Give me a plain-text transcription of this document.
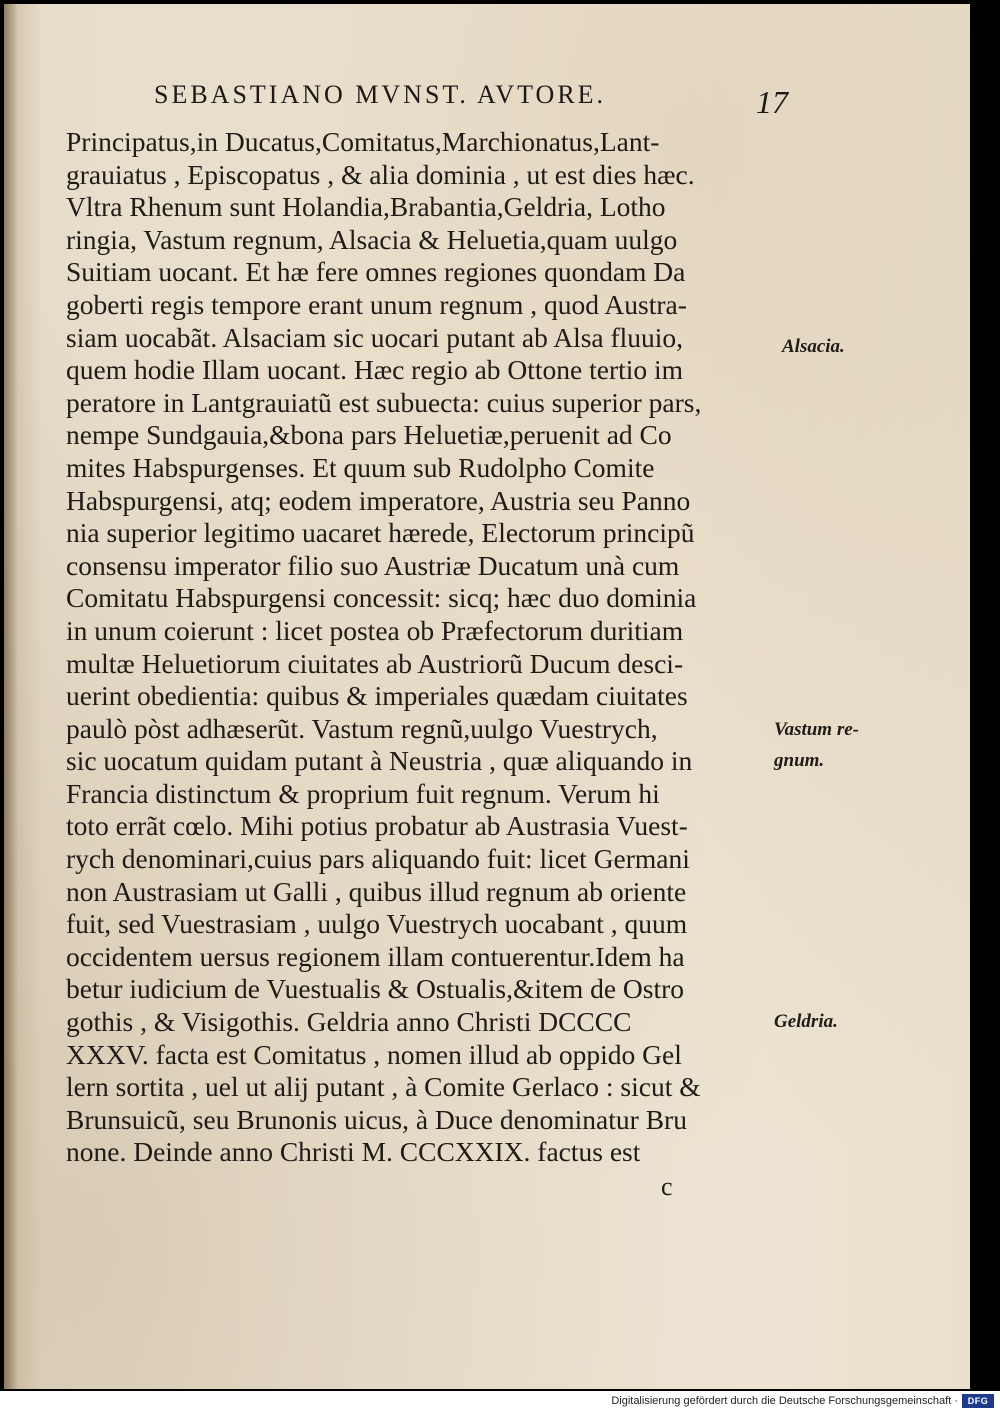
SEBASTIANO MVNST. AVTORE.	17
Principatus,in Ducatus,Comitatus,Marchionatus,Lant-
grauiatus , Episcopatus , & alia dominia , ut est dies hæc.
Vltra Rhenum sunt Holandia,Brabantia,Geldria, Lotho
ringia, Vastum regnum, Alsacia & Heluetia,quam uulgo
Suitiam uocant. Et hæ fere omnes regiones quondam Da
goberti regis tempore erant unum regnum , quod Austra-
siam uocabãt. Alsaciam sic uocari putant ab Alsa fluuio,
quem hodie Illam uocant. Hæc regio ab Ottone tertio im
peratore in Lantgrauiatũ est subuecta: cuius superior pars,
nempe Sundgauia,&bona pars Heluetiæ,peruenit ad Co
mites Habspurgenses. Et quum sub Rudolpho Comite
Habspurgensi, atq; eodem imperatore, Austria seu Panno
nia superior legitimo uacaret hærede, Electorum principũ
consensu imperator filio suo Austriæ Ducatum unà cum
Comitatu Habspurgensi concessit: sicq; hæc duo dominia
in unum coierunt : licet postea ob Præfectorum duritiam
multæ Heluetiorum ciuitates ab Austriorũ Ducum desci-
uerint obedientia: quibus & imperiales quædam ciuitates
paulò pòst adhæserũt. Vastum regnũ,uulgo Vuestrych,
sic uocatum quidam putant à Neustria , quæ aliquando in
Francia distinctum & proprium fuit regnum. Verum hi
toto errãt cœlo. Mihi potius probatur ab Austrasia Vuest-
rych denominari,cuius pars aliquando fuit: licet Germani
non Austrasiam ut Galli , quibus illud regnum ab oriente
fuit, sed Vuestrasiam , uulgo Vuestrych uocabant , quum
occidentem uersus regionem illam contuerentur.Idem ha
betur iudicium de Vuestualis & Ostualis,&item de Ostro
gothis , & Visigothis. Geldria anno Christi DCCCC
XXXV. facta est Comitatus , nomen illud ab oppido Gel
lern sortita , uel ut alij putant , à Comite Gerlaco : sicut &
Brunsuicũ, seu Brunonis uicus, à Duce denominatur Bru
none. Deinde anno Christi M. CCCXXIX. factus est
Alsacia.
Vastum re-
gnum.
Geldria.
c
Digitalisierung gefördert durch die Deutsche Forschungsgemeinschaft ·	DFG
